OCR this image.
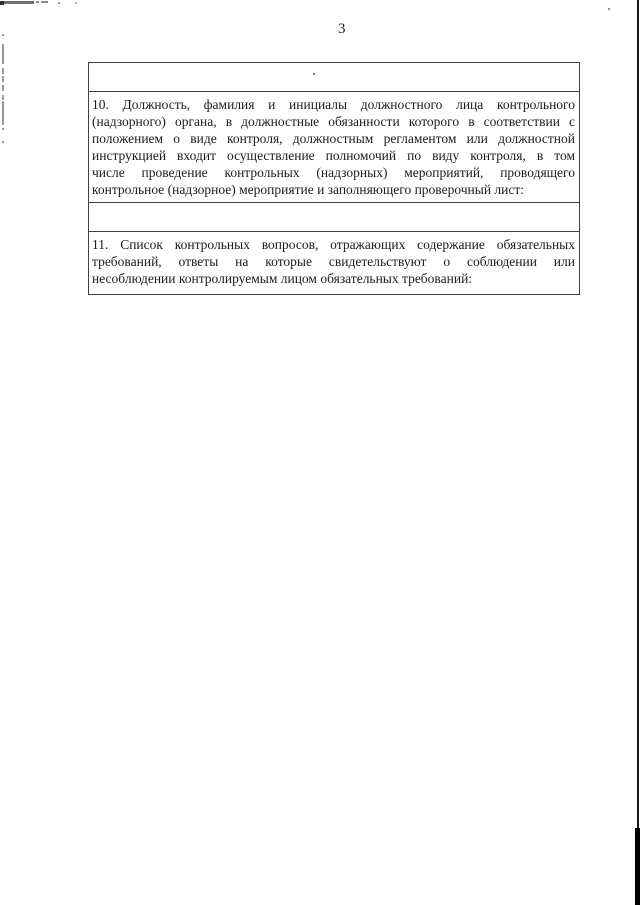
3
10. Должность, фамилия и инициалы должностного лица контрольного
(надзорного) органа, в должностные обязанности которого в соответствии с
положением о виде контроля, должностным регламентом или должностной
инструкцией входит осуществление полномочий по виду контроля, в том
числе проведение контрольных (надзорных) мероприятий, проводящего
контрольное (надзорное) мероприятие и заполняющего проверочный лист:
11. Список контрольных вопросов, отражающих содержание обязательных
требований, ответы на которые свидетельствуют о соблюдении или
несоблюдении контролируемым лицом обязательных требований:
